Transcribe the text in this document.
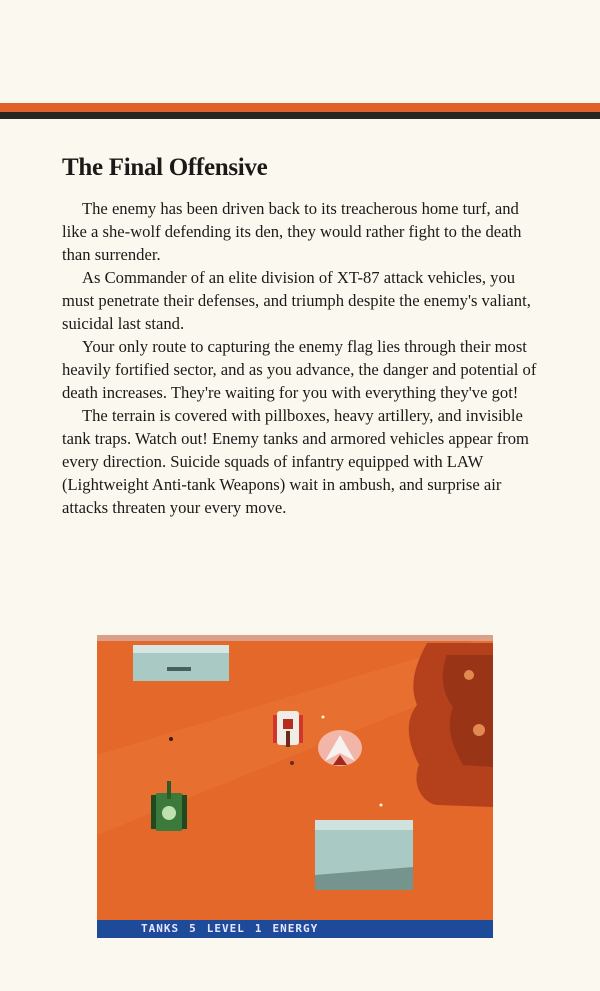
The Final Offensive

The enemy has been driven back to its treacherous home turf, and like a she-wolf defending its den, they would rather fight to the death than surrender.

As Commander of an elite division of XT-87 attack vehicles, you must penetrate their defenses, and triumph despite the enemy's valiant, suicidal last stand.

Your only route to capturing the enemy flag lies through their most heavily fortified sector, and as you advance, the danger and potential of death increases. They're waiting for you with everything they've got!

The terrain is covered with pillboxes, heavy artillery, and invisible tank traps. Watch out! Enemy tanks and armored vehicles appear from every direction. Suicide squads of infantry equipped with LAW (Lightweight Anti-tank Weapons) wait in ambush, and surprise air attacks threaten your every move.

TANKS 5 LEVEL 1 ENERGY
